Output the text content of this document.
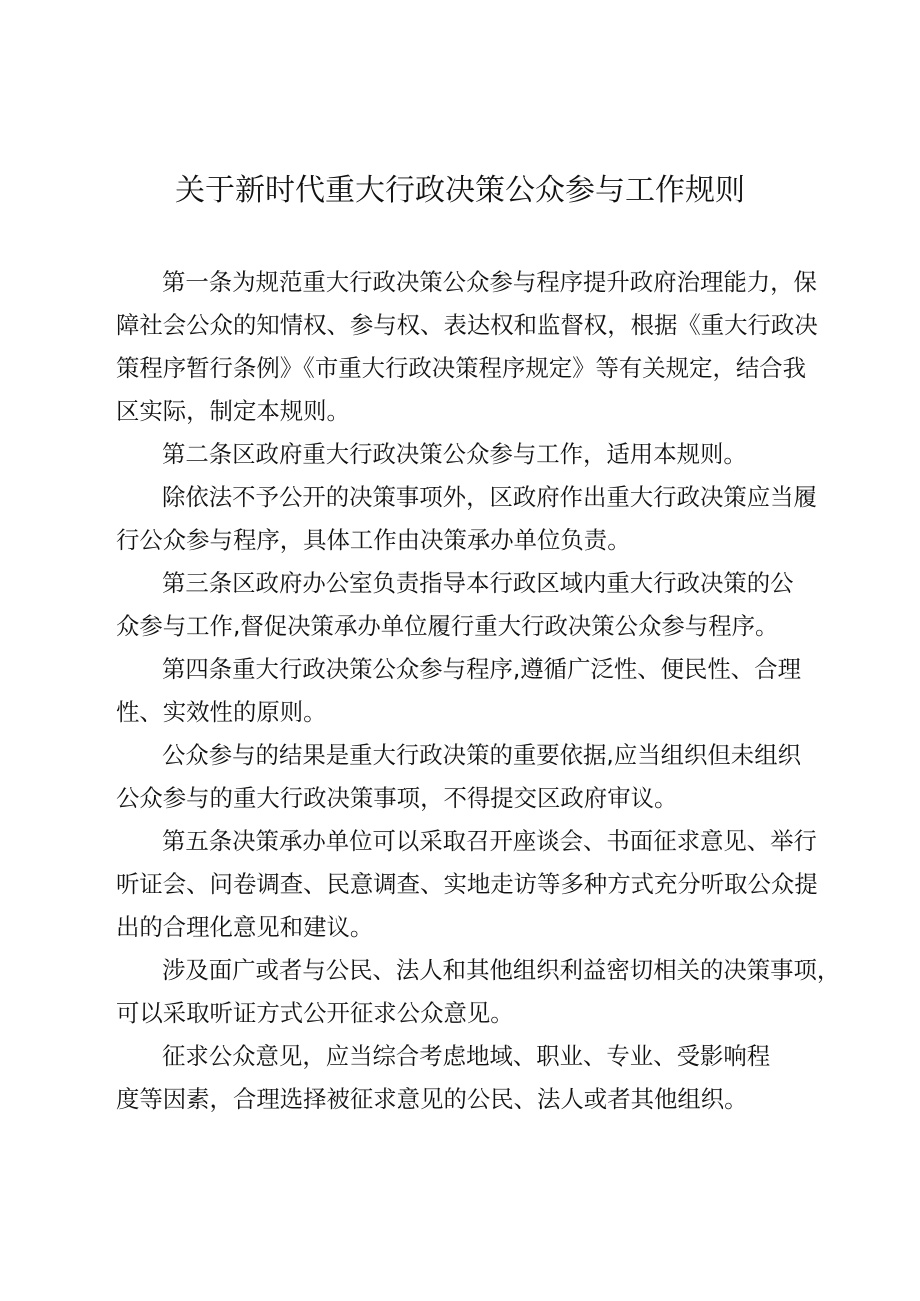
关于新时代重大行政决策公众参与工作规则

第一条为规范重大行政决策公众参与程序提升政府治理能力，保

障社会公众的知情权、参与权、表达权和监督权，根据《重大行政决

策程序暂行条例》《市重大行政决策程序规定》等有关规定，结合我

区实际，制定本规则。

第二条区政府重大行政决策公众参与工作，适用本规则。

除依法不予公开的决策事项外，区政府作出重大行政决策应当履

行公众参与程序，具体工作由决策承办单位负责。

第三条区政府办公室负责指导本行政区域内重大行政决策的公

众参与工作,督促决策承办单位履行重大行政决策公众参与程序。

第四条重大行政决策公众参与程序,遵循广泛性、便民性、合理

性、实效性的原则。

公众参与的结果是重大行政决策的重要依据,应当组织但未组织

公众参与的重大行政决策事项，不得提交区政府审议。

第五条决策承办单位可以采取召开座谈会、书面征求意见、举行

听证会、问卷调查、民意调查、实地走访等多种方式充分听取公众提

出的合理化意见和建议。

涉及面广或者与公民、法人和其他组织利益密切相关的决策事项，

可以采取听证方式公开征求公众意见。

征求公众意见，应当综合考虑地域、职业、专业、受影响程

度等因素，合理选择被征求意见的公民、法人或者其他组织。
